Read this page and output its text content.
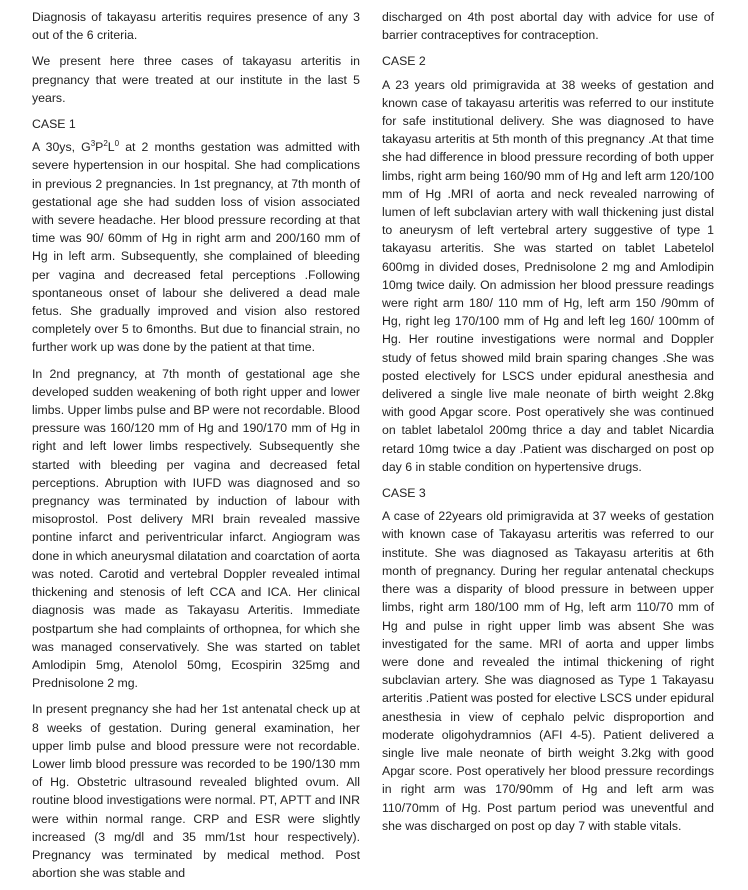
Diagnosis of takayasu arteritis requires presence of any 3 out of the 6 criteria.

We present here three cases of takayasu arteritis in pregnancy that were treated at our institute in the last 5 years.

CASE 1

A 30ys, $G^3P^2L^0$ at 2 months gestation was admitted with severe hypertension in our hospital. She had complications in previous 2 pregnancies. In 1st pregnancy, at 7th month of gestational age she had sudden loss of vision associated with severe headache. Her blood pressure recording at that time was 90/ 60mm of Hg in right arm and 200/160 mm of Hg in left arm. Subsequently, she complained of bleeding per vagina and decreased fetal perceptions .Following spontaneous onset of labour she delivered a dead male fetus. She gradually improved and vision also restored completely over 5 to 6months. But due to financial strain, no further work up was done by the patient at that time.

In 2nd pregnancy, at 7th month of gestational age she developed sudden weakening of both right upper and lower limbs. Upper limbs pulse and BP were not recordable. Blood pressure was 160/120 mm of Hg and 190/170 mm of Hg in right and left lower limbs respectively. Subsequently she started with bleeding per vagina and decreased fetal perceptions. Abruption with IUFD was diagnosed and so pregnancy was terminated by induction of labour with misoprostol. Post delivery MRI brain revealed massive pontine infarct and periventricular infarct. Angiogram was done in which aneurysmal dilatation and coarctation of aorta was noted. Carotid and vertebral Doppler revealed intimal thickening and stenosis of left CCA and ICA. Her clinical diagnosis was made as Takayasu Arteritis. Immediate postpartum she had complaints of orthopnea, for which she was managed conservatively. She was started on tablet Amlodipin 5mg, Atenolol 50mg, Ecospirin 325mg and Prednisolone 2 mg.

In present pregnancy she had her 1st antenatal check up at 8 weeks of gestation. During general examination, her upper limb pulse and blood pressure were not recordable. Lower limb blood pressure was recorded to be 190/130 mm of Hg. Obstetric ultrasound revealed blighted ovum. All routine blood investigations were normal. PT, APTT and INR were within normal range. CRP and ESR were slightly increased (3 mg/dl and 35 mm/1st hour respectively). Pregnancy was terminated by medical method. Post abortion she was stable and

discharged on 4th post abortal day with advice for use of barrier contraceptives for contraception.

CASE 2

A 23 years old primigravida at 38 weeks of gestation and known case of takayasu arteritis was referred to our institute for safe institutional delivery. She was diagnosed to have takayasu arteritis at 5th month of this pregnancy .At that time she had difference in blood pressure recording of both upper limbs, right arm being 160/90 mm of Hg and left arm 120/100 mm of Hg .MRI of aorta and neck revealed narrowing of lumen of left subclavian artery with wall thickening just distal to aneurysm of left vertebral artery suggestive of type 1 takayasu arteritis. She was started on tablet Labetelol 600mg in divided doses, Prednisolone 2 mg and Amlodipin 10mg twice daily. On admission her blood pressure readings were right arm 180/ 110 mm of Hg, left arm 150 /90mm of Hg, right leg 170/100 mm of Hg and left leg 160/ 100mm of Hg. Her routine investigations were normal and Doppler study of fetus showed mild brain sparing changes .She was posted electively for LSCS under epidural anesthesia and delivered a single live male neonate of birth weight 2.8kg with good Apgar score. Post operatively she was continued on tablet labetalol 200mg thrice a day and tablet Nicardia retard 10mg twice a day .Patient was discharged on post op day 6 in stable condition on hypertensive drugs.

CASE 3

A case of 22years old primigravida at 37 weeks of gestation with known case of Takayasu arteritis was referred to our institute. She was diagnosed as Takayasu arteritis at 6th month of pregnancy. During her regular antenatal checkups there was a disparity of blood pressure in between upper limbs, right arm 180/100 mm of Hg, left arm 110/70 mm of Hg and pulse in right upper limb was absent She was investigated for the same. MRI of aorta and upper limbs were done and revealed the intimal thickening of right subclavian artery. She was diagnosed as Type 1 Takayasu arteritis .Patient was posted for elective LSCS under epidural anesthesia in view of cephalo pelvic disproportion and moderate oligohydramnios (AFI 4-5). Patient delivered a single live male neonate of birth weight 3.2kg with good Apgar score. Post operatively her blood pressure recordings in right arm was 170/90mm of Hg and left arm was 110/70mm of Hg. Post partum period was uneventful and she was discharged on post op day 7 with stable vitals.
